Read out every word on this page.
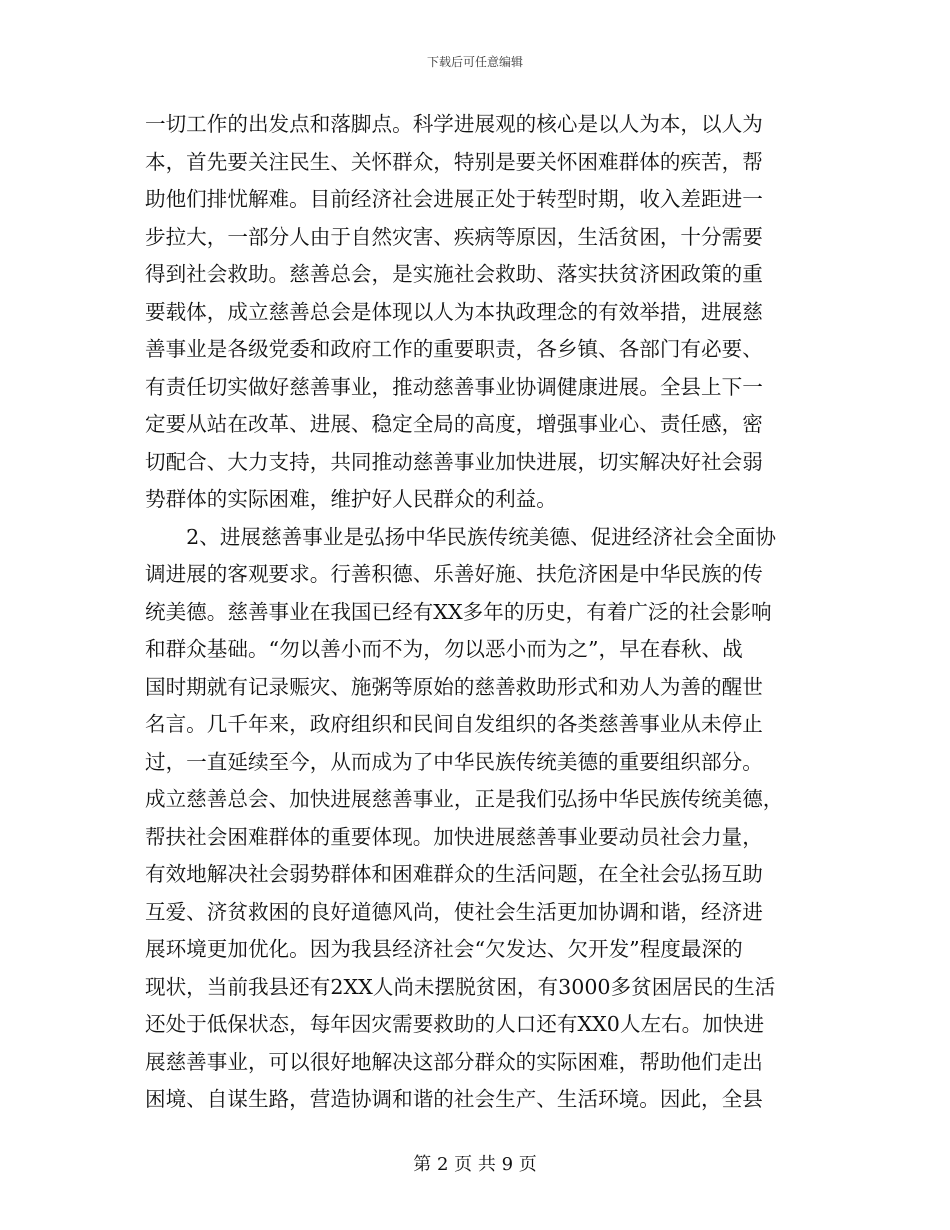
下载后可任意编辑
一切工作的出发点和落脚点。科学进展观的核心是以人为本，以人为
本，首先要关注民生、关怀群众，特别是要关怀困难群体的疾苦，帮
助他们排忧解难。目前经济社会进展正处于转型时期，收入差距进一
步拉大，一部分人由于自然灾害、疾病等原因，生活贫困，十分需要
得到社会救助。慈善总会，是实施社会救助、落实扶贫济困政策的重
要载体，成立慈善总会是体现以人为本执政理念的有效举措，进展慈
善事业是各级党委和政府工作的重要职责，各乡镇、各部门有必要、
有责任切实做好慈善事业，推动慈善事业协调健康进展。全县上下一
定要从站在改革、进展、稳定全局的高度，增强事业心、责任感，密
切配合、大力支持，共同推动慈善事业加快进展，切实解决好社会弱
势群体的实际困难，维护好人民群众的利益。
　　2、进展慈善事业是弘扬中华民族传统美德、促进经济社会全面协
调进展的客观要求。行善积德、乐善好施、扶危济困是中华民族的传
统美德。慈善事业在我国已经有XX多年的历史，有着广泛的社会影响
和群众基础。“勿以善小而不为，勿以恶小而为之”，早在春秋、战
国时期就有记录赈灾、施粥等原始的慈善救助形式和劝人为善的醒世
名言。几千年来，政府组织和民间自发组织的各类慈善事业从未停止
过，一直延续至今，从而成为了中华民族传统美德的重要组织部分。
成立慈善总会、加快进展慈善事业，正是我们弘扬中华民族传统美德，
帮扶社会困难群体的重要体现。加快进展慈善事业要动员社会力量，
有效地解决社会弱势群体和困难群众的生活问题，在全社会弘扬互助
互爱、济贫救困的良好道德风尚，使社会生活更加协调和谐，经济进
展环境更加优化。因为我县经济社会“欠发达、欠开发”程度最深的
现状，当前我县还有2XX人尚未摆脱贫困，有3000多贫困居民的生活
还处于低保状态，每年因灾需要救助的人口还有XX0人左右。加快进
展慈善事业，可以很好地解决这部分群众的实际困难，帮助他们走出
困境、自谋生路，营造协调和谐的社会生产、生活环境。因此，全县
第 2 页 共 9 页
